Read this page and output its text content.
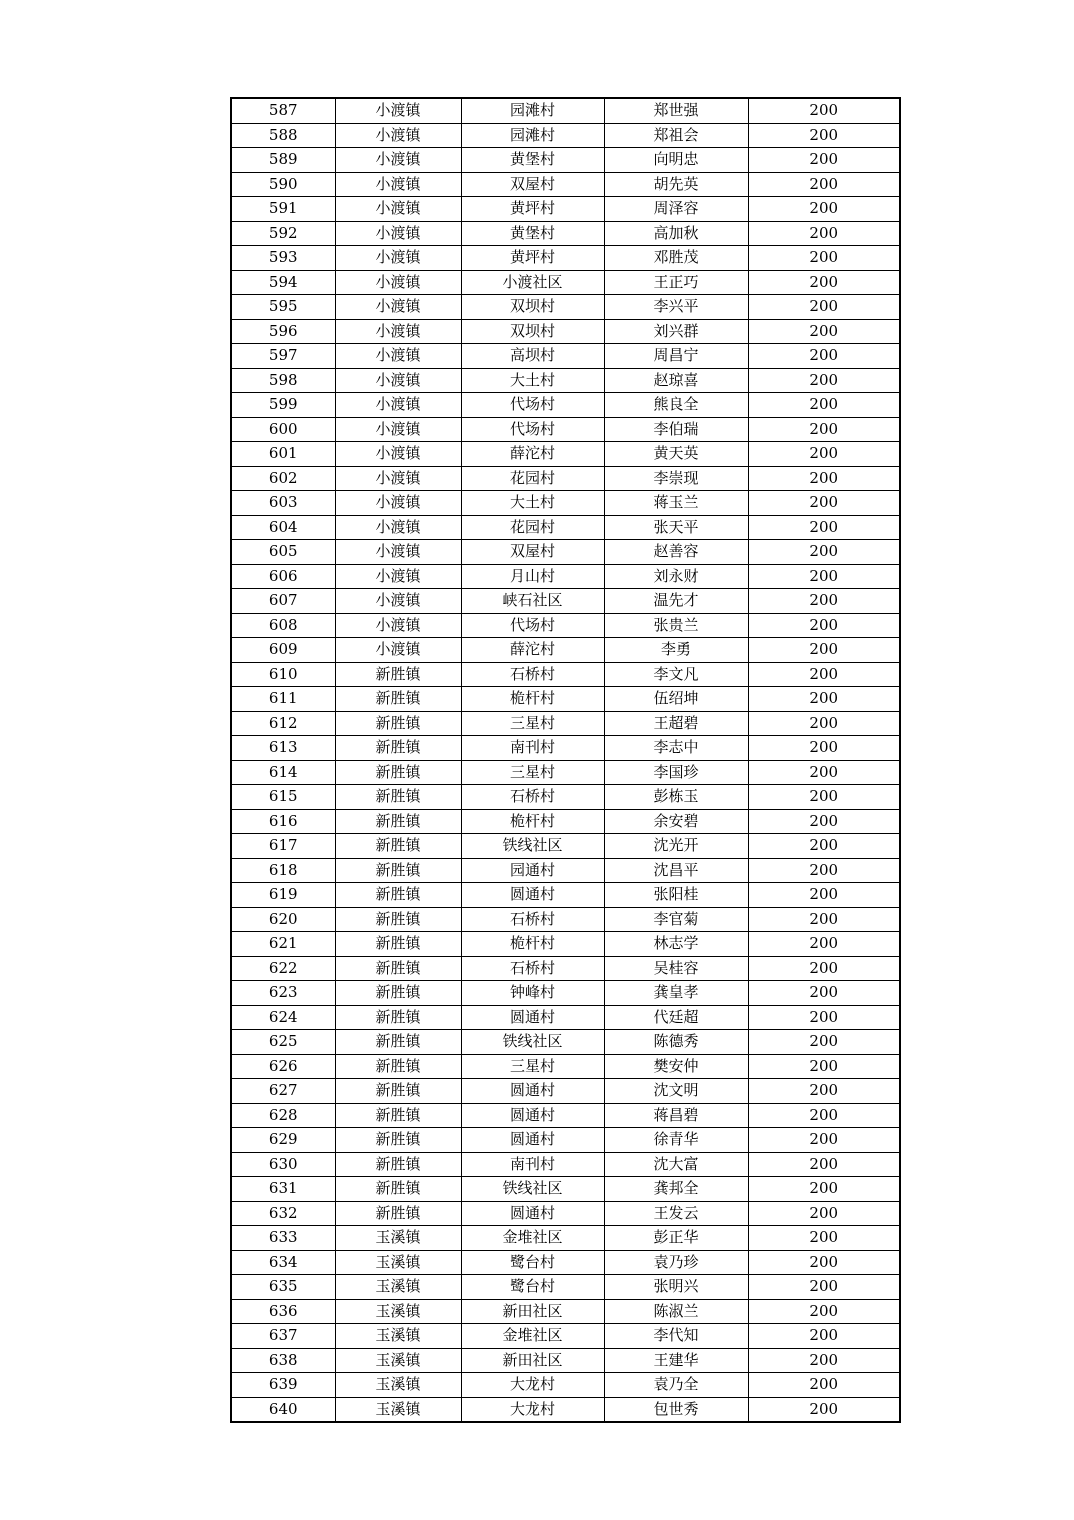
587	小渡镇	园滩村	郑世强	200
588	小渡镇	园滩村	郑祖会	200
589	小渡镇	黄堡村	向明忠	200
590	小渡镇	双屋村	胡先英	200
591	小渡镇	黄坪村	周泽容	200
592	小渡镇	黄堡村	高加秋	200
593	小渡镇	黄坪村	邓胜茂	200
594	小渡镇	小渡社区	王正巧	200
595	小渡镇	双坝村	李兴平	200
596	小渡镇	双坝村	刘兴群	200
597	小渡镇	高坝村	周昌宁	200
598	小渡镇	大土村	赵琼喜	200
599	小渡镇	代场村	熊良全	200
600	小渡镇	代场村	李伯瑞	200
601	小渡镇	薛沱村	黄天英	200
602	小渡镇	花园村	李崇现	200
603	小渡镇	大土村	蒋玉兰	200
604	小渡镇	花园村	张天平	200
605	小渡镇	双屋村	赵善容	200
606	小渡镇	月山村	刘永财	200
607	小渡镇	峡石社区	温先才	200
608	小渡镇	代场村	张贵兰	200
609	小渡镇	薛沱村	李勇	200
610	新胜镇	石桥村	李文凡	200
611	新胜镇	桅杆村	伍绍坤	200
612	新胜镇	三星村	王超碧	200
613	新胜镇	南刊村	李志中	200
614	新胜镇	三星村	李国珍	200
615	新胜镇	石桥村	彭栋玉	200
616	新胜镇	桅杆村	余安碧	200
617	新胜镇	铁线社区	沈光开	200
618	新胜镇	园通村	沈昌平	200
619	新胜镇	圆通村	张阳桂	200
620	新胜镇	石桥村	李官菊	200
621	新胜镇	桅杆村	林志学	200
622	新胜镇	石桥村	吴桂容	200
623	新胜镇	钟峰村	龚皇孝	200
624	新胜镇	圆通村	代廷超	200
625	新胜镇	铁线社区	陈德秀	200
626	新胜镇	三星村	樊安仲	200
627	新胜镇	圆通村	沈文明	200
628	新胜镇	圆通村	蒋昌碧	200
629	新胜镇	圆通村	徐青华	200
630	新胜镇	南刊村	沈大富	200
631	新胜镇	铁线社区	龚邦全	200
632	新胜镇	圆通村	王发云	200
633	玉溪镇	金堆社区	彭正华	200
634	玉溪镇	鹭台村	袁乃珍	200
635	玉溪镇	鹭台村	张明兴	200
636	玉溪镇	新田社区	陈淑兰	200
637	玉溪镇	金堆社区	李代知	200
638	玉溪镇	新田社区	王建华	200
639	玉溪镇	大龙村	袁乃全	200
640	玉溪镇	大龙村	包世秀	200
